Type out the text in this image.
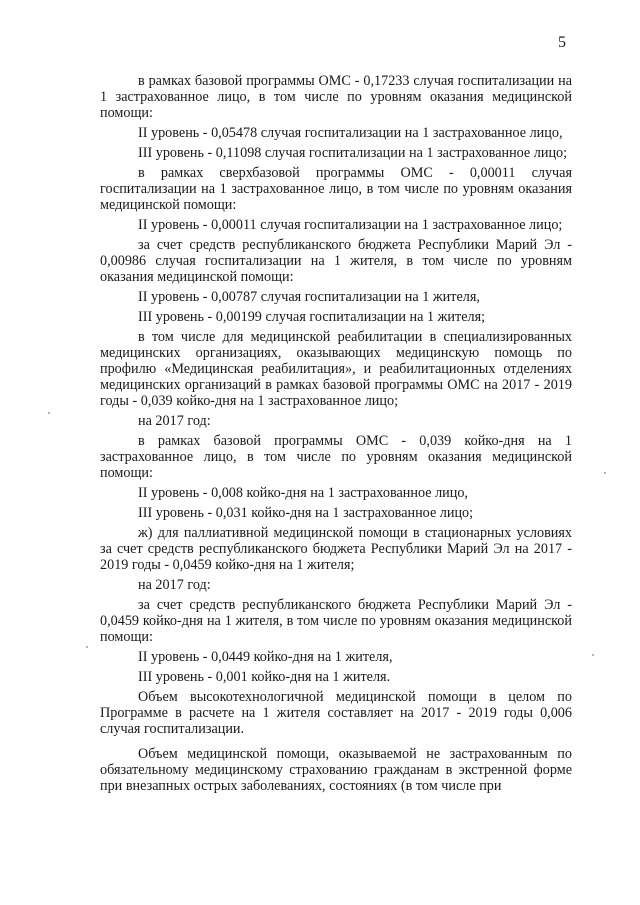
5

в рамках базовой программы ОМС - 0,17233 случая госпитализации на 1 застрахованное лицо, в том числе по уровням оказания медицинской помощи:

II уровень - 0,05478 случая госпитализации на 1 застрахованное лицо,

III уровень - 0,11098 случая госпитализации на 1 застрахованное лицо;

в рамках сверхбазовой программы ОМС - 0,00011 случая госпитализации на 1 застрахованное лицо, в том числе по уровням оказания медицинской помощи:

II уровень - 0,00011 случая госпитализации на 1 застрахованное лицо;

за счет средств республиканского бюджета Республики Марий Эл - 0,00986 случая госпитализации на 1 жителя, в том числе по уровням оказания медицинской помощи:

II уровень - 0,00787 случая госпитализации на 1 жителя,

III уровень - 0,00199 случая госпитализации на 1 жителя;

в том числе для медицинской реабилитации в специализированных медицинских организациях, оказывающих медицинскую помощь по профилю «Медицинская реабилитация», и реабилитационных отделениях медицинских организаций в рамках базовой программы ОМС на 2017 - 2019 годы - 0,039 койко-дня на 1 застрахованное лицо;

на 2017 год:

в рамках базовой программы ОМС - 0,039 койко-дня на 1 застрахованное лицо, в том числе по уровням оказания медицинской помощи:

II уровень - 0,008 койко-дня на 1 застрахованное лицо,

III уровень - 0,031 койко-дня на 1 застрахованное лицо;

ж) для паллиативной медицинской помощи в стационарных условиях за счет средств республиканского бюджета Республики Марий Эл на 2017 - 2019 годы - 0,0459 койко-дня на 1 жителя;

на 2017 год:

за счет средств республиканского бюджета Республики Марий Эл - 0,0459 койко-дня на 1 жителя, в том числе по уровням оказания медицинской помощи:

II уровень - 0,0449 койко-дня на 1 жителя,

III уровень - 0,001 койко-дня на 1 жителя.

Объем высокотехнологичной медицинской помощи в целом по Программе в расчете на 1 жителя составляет на 2017 - 2019 годы 0,006 случая госпитализации.

Объем медицинской помощи, оказываемой не застрахованным по обязательному медицинскому страхованию гражданам в экстренной форме при внезапных острых заболеваниях, состояниях (в том числе при
